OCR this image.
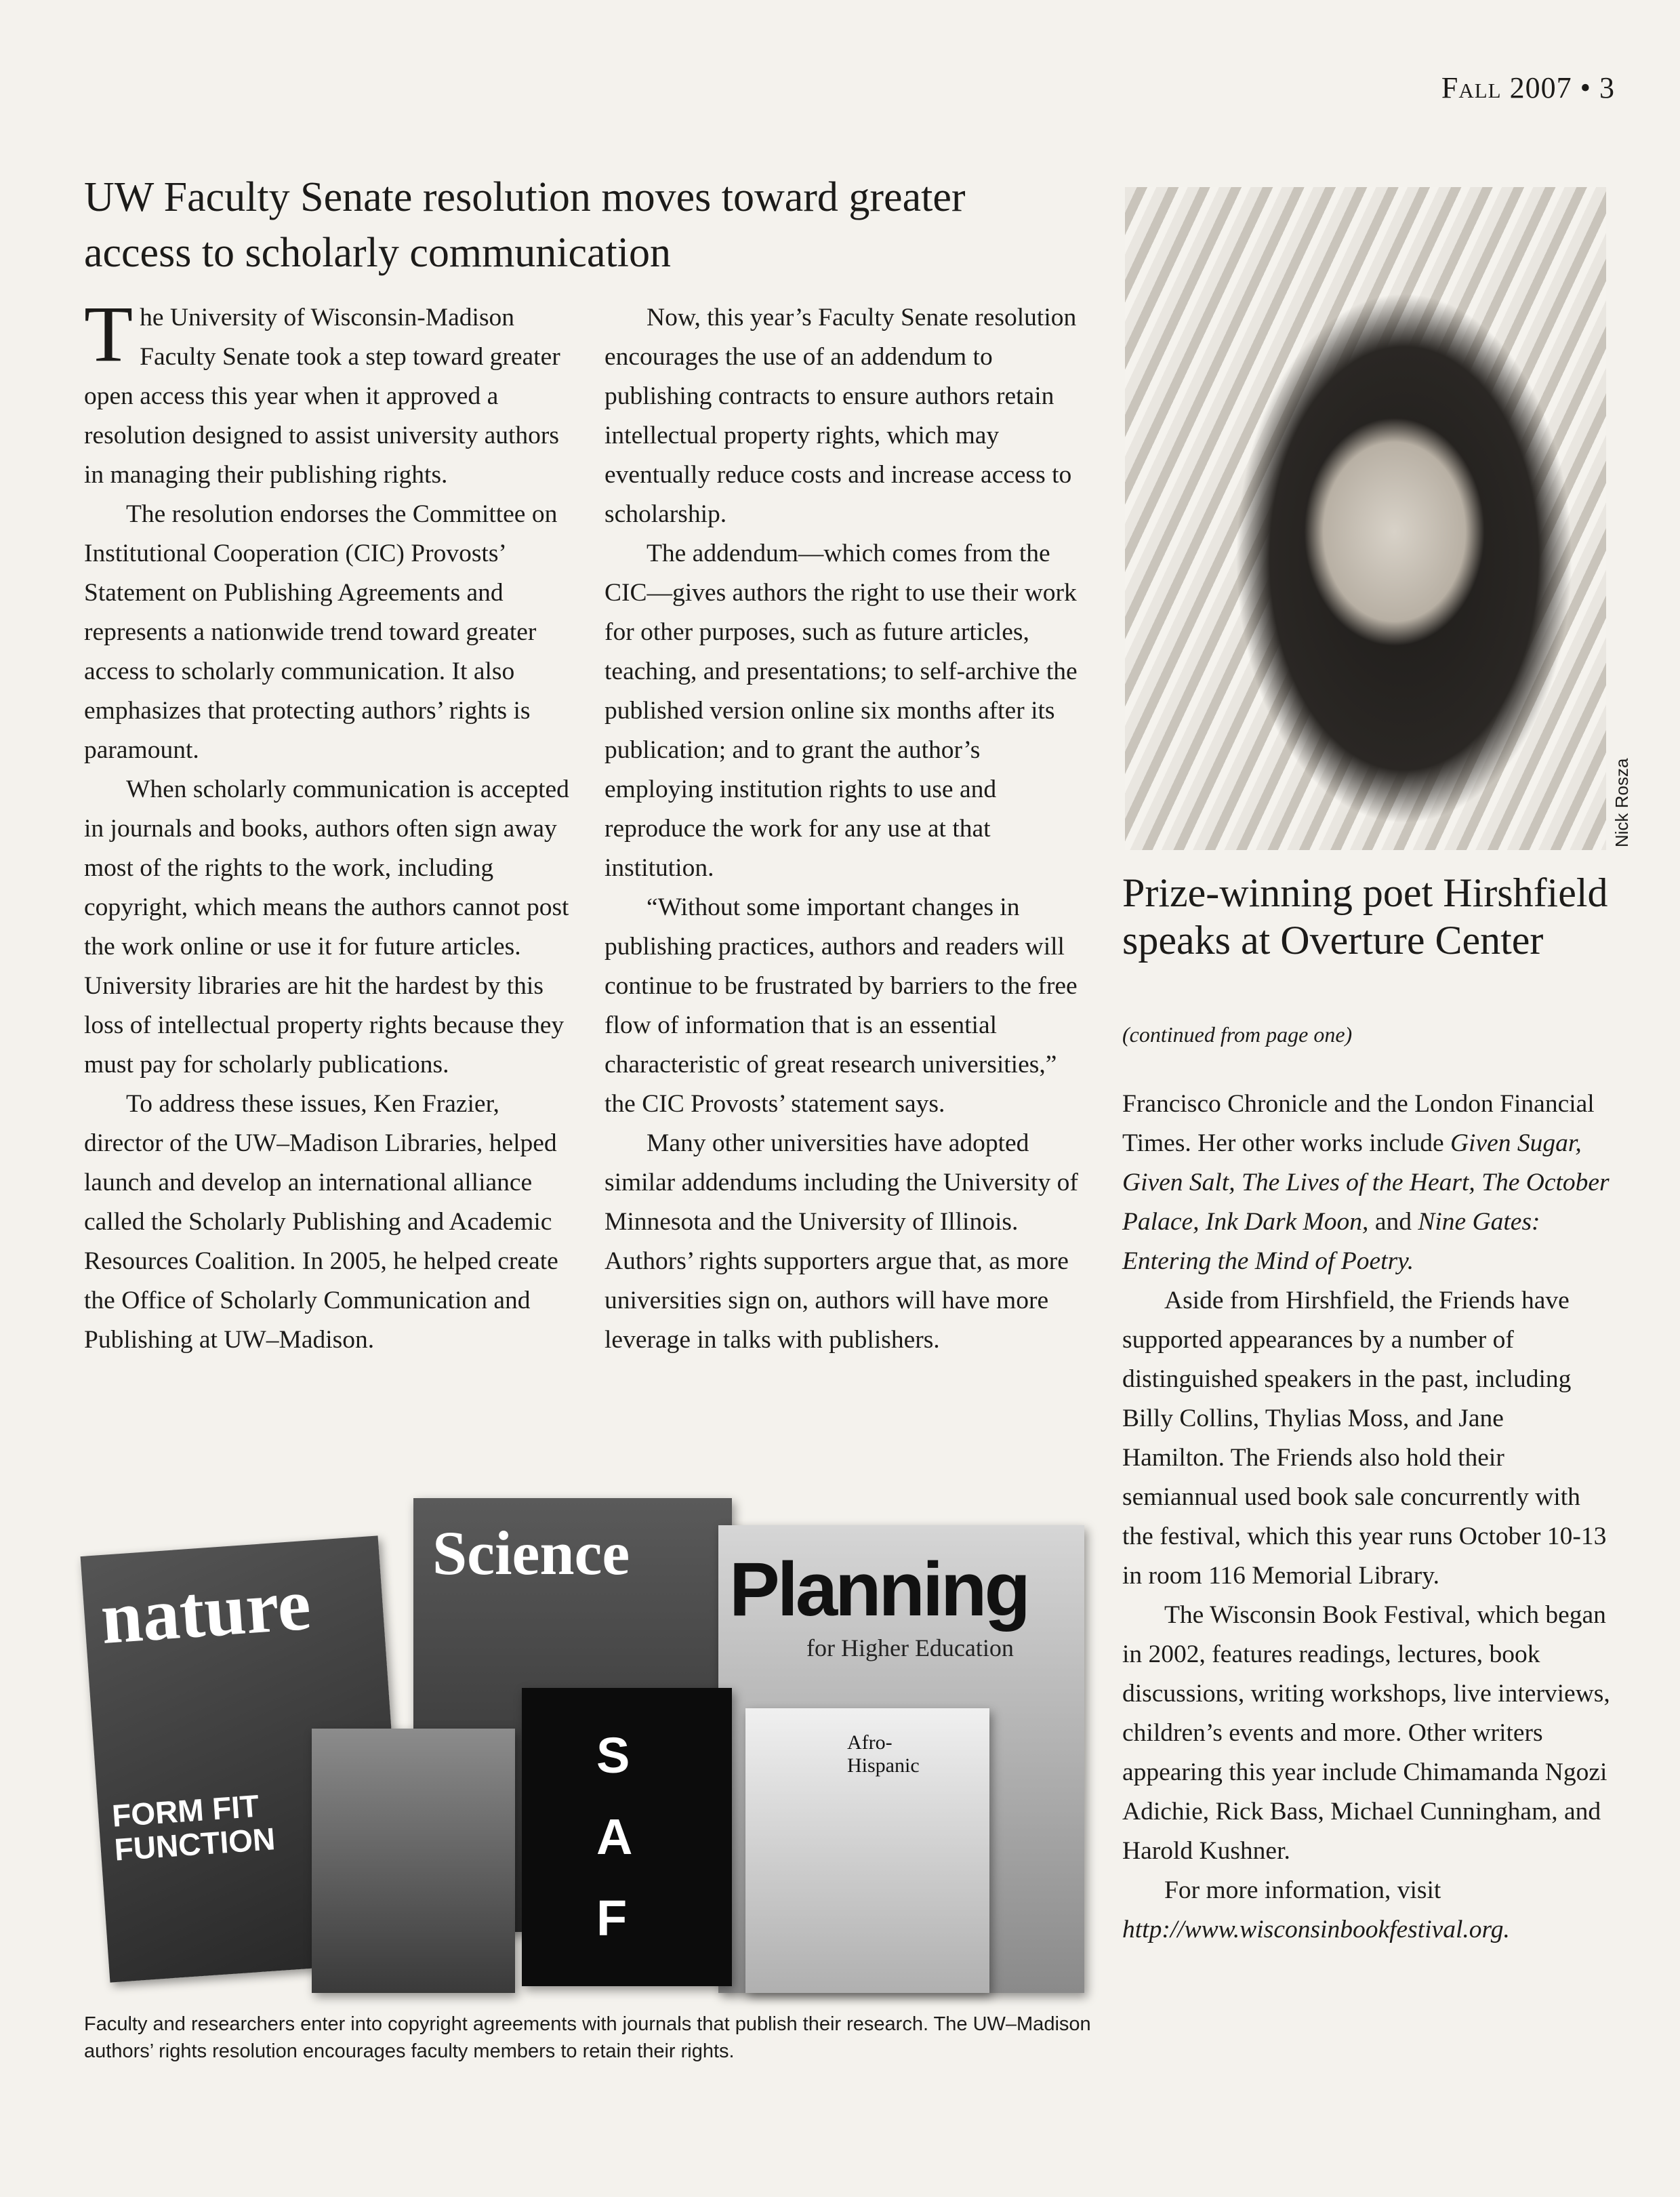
Fall 2007 • 3
UW Faculty Senate resolution moves toward greater access to scholarly communication

The University of Wisconsin-Madison Faculty Senate took a step toward greater open access this year when it approved a resolution designed to assist university authors in managing their publishing rights.

The resolution endorses the Committee on Institutional Cooperation (CIC) Provosts’ Statement on Publishing Agreements and represents a nationwide trend toward greater access to scholarly communication. It also emphasizes that protecting authors’ rights is paramount.

When scholarly communication is accepted in journals and books, authors often sign away most of the rights to the work, including copyright, which means the authors cannot post the work online or use it for future articles. University libraries are hit the hardest by this loss of intellectual property rights because they must pay for scholarly publications.

To address these issues, Ken Frazier, director of the UW–Madison Libraries, helped launch and develop an international alliance called the Scholarly Publishing and Academic Resources Coalition. In 2005, he helped create the Office of Scholarly Communication and Publishing at UW–Madison.

Now, this year’s Faculty Senate resolution encourages the use of an addendum to publishing contracts to ensure authors retain intellectual property rights, which may eventually reduce costs and increase access to scholarship.

The addendum—which comes from the CIC—gives authors the right to use their work for other purposes, such as future articles, teaching, and presentations; to self-archive the published version online six months after its publication; and to grant the author’s employing institution rights to use and reproduce the work for any use at that institution.

“Without some important changes in publishing practices, authors and readers will continue to be frustrated by barriers to the free flow of information that is an essential characteristic of great research universities,” the CIC Provosts’ statement says.

Many other universities have adopted similar addendums including the University of Minnesota and the University of Illinois. Authors’ rights supporters argue that, as more universities sign on, authors will have more leverage in talks with publishers.

Nick Rosza
Prize-winning poet Hirshfield speaks at Overture Center
(continued from page one)

Francisco Chronicle and the London Financial Times. Her other works include Given Sugar, Given Salt, The Lives of the Heart, The October Palace, Ink Dark Moon, and Nine Gates: Entering the Mind of Poetry.

Aside from Hirshfield, the Friends have supported appearances by a number of distinguished speakers in the past, including Billy Collins, Thylias Moss, and Jane Hamilton. The Friends also hold their semiannual used book sale concurrently with the festival, which this year runs October 10-13 in room 116 Memorial Library.

The Wisconsin Book Festival, which began in 2002, features readings, lectures, book discussions, writing workshops, live interviews, children’s events and more. Other writers appearing this year include Chimamanda Ngozi Adichie, Rick Bass, Michael Cunningham, and Harold Kushner.

For more information, visit http://www.wisconsinbookfestival.org.

Science Planning
for Higher Education
nature
FORM FIT FUNCTION
SAF
Afro-Hispanic
Faculty and researchers enter into copyright agreements with journals that publish their research. The UW–Madison authors’ rights resolution encourages faculty members to retain their rights.
